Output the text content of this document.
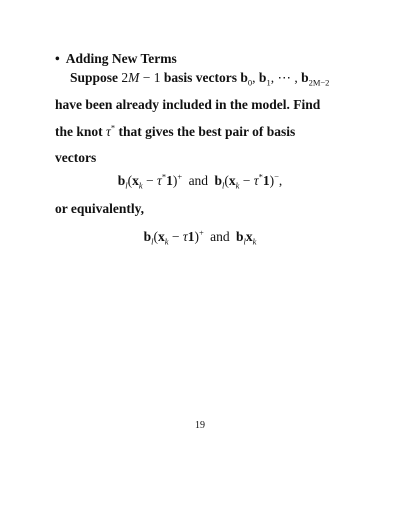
• Adding New Terms
Suppose 2M − 1 basis vectors $b_0$, $b_1$, ⋯ , $b_{2M-2}$
have been already included in the model. Find
the knot τ* that gives the best pair of basis
vectors
$b_l(x_k - \tau^*1)^+$ and $b_l(x_k - \tau^*1)^-$,
or equivalently,
$b_l(x_k - \tau 1)^+$ and $b_lx_k$
19
